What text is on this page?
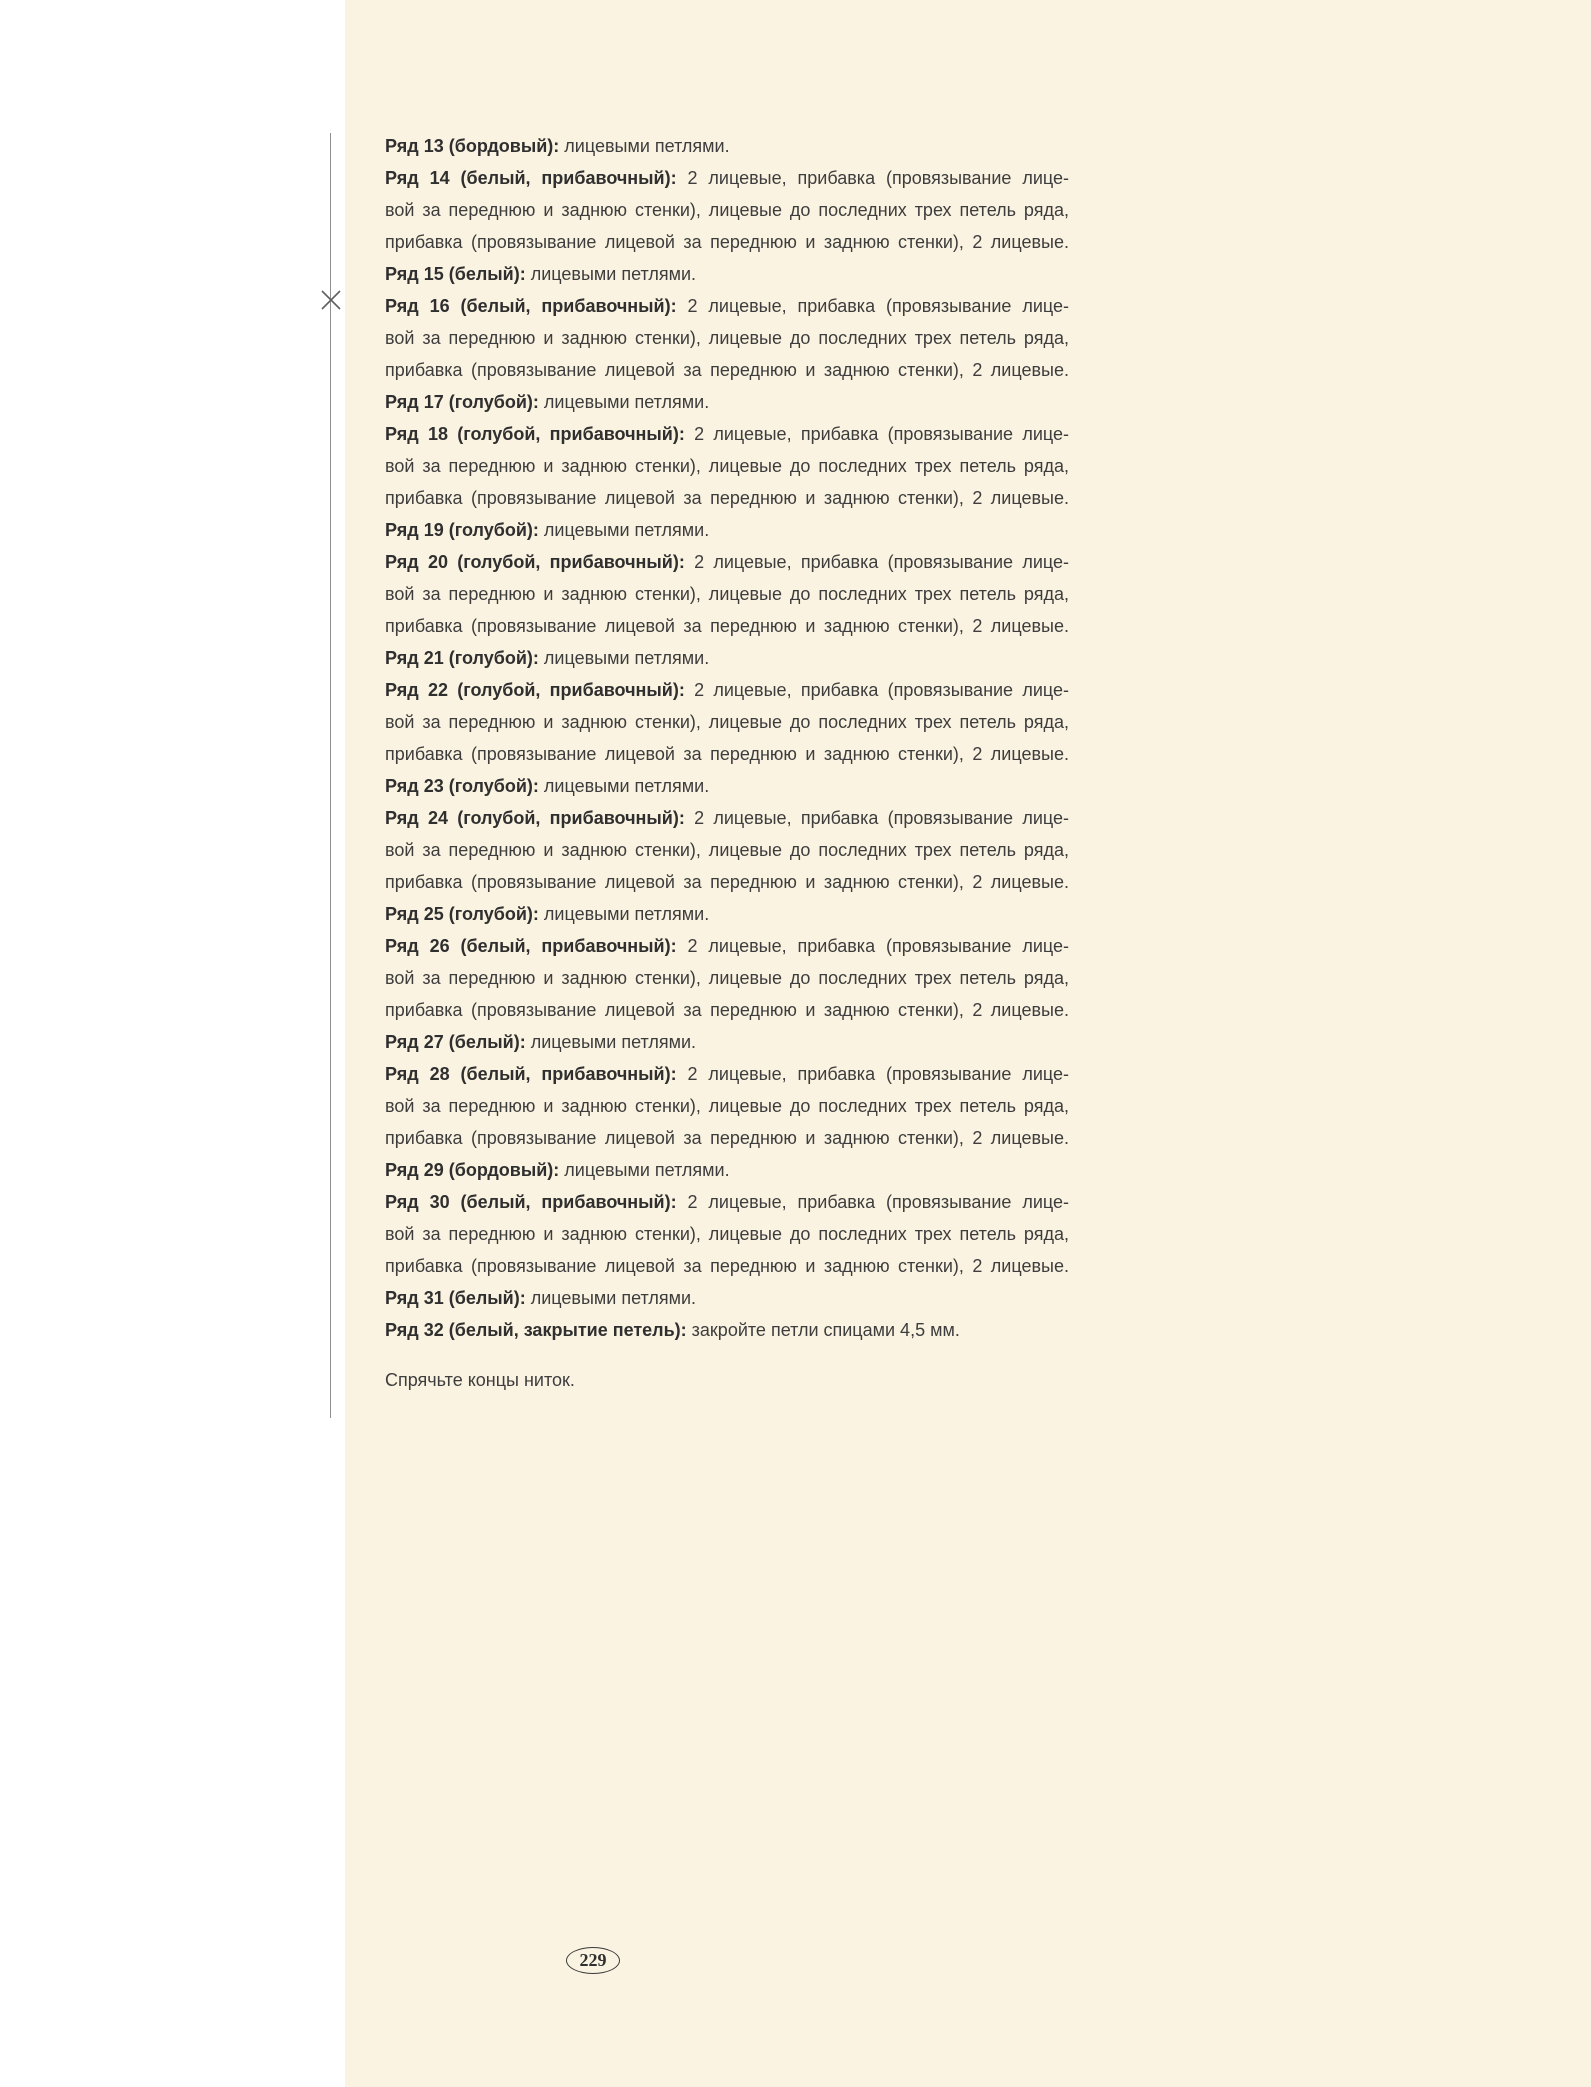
Ряд 13 (бордовый): лицевыми петлями.
Ряд 14 (белый, прибавочный): 2 лицевые, прибавка (провязывание лице-
вой за переднюю и заднюю стенки), лицевые до последних трех петель ряда,
прибавка (провязывание лицевой за переднюю и заднюю стенки), 2 лицевые.
Ряд 15 (белый): лицевыми петлями.
Ряд 16 (белый, прибавочный): 2 лицевые, прибавка (провязывание лице-
вой за переднюю и заднюю стенки), лицевые до последних трех петель ряда,
прибавка (провязывание лицевой за переднюю и заднюю стенки), 2 лицевые.
Ряд 17 (голубой): лицевыми петлями.
Ряд 18 (голубой, прибавочный): 2 лицевые, прибавка (провязывание лице-
вой за переднюю и заднюю стенки), лицевые до последних трех петель ряда,
прибавка (провязывание лицевой за переднюю и заднюю стенки), 2 лицевые.
Ряд 19 (голубой): лицевыми петлями.
Ряд 20 (голубой, прибавочный): 2 лицевые, прибавка (провязывание лице-
вой за переднюю и заднюю стенки), лицевые до последних трех петель ряда,
прибавка (провязывание лицевой за переднюю и заднюю стенки), 2 лицевые.
Ряд 21 (голубой): лицевыми петлями.
Ряд 22 (голубой, прибавочный): 2 лицевые, прибавка (провязывание лице-
вой за переднюю и заднюю стенки), лицевые до последних трех петель ряда,
прибавка (провязывание лицевой за переднюю и заднюю стенки), 2 лицевые.
Ряд 23 (голубой): лицевыми петлями.
Ряд 24 (голубой, прибавочный): 2 лицевые, прибавка (провязывание лице-
вой за переднюю и заднюю стенки), лицевые до последних трех петель ряда,
прибавка (провязывание лицевой за переднюю и заднюю стенки), 2 лицевые.
Ряд 25 (голубой): лицевыми петлями.
Ряд 26 (белый, прибавочный): 2 лицевые, прибавка (провязывание лице-
вой за переднюю и заднюю стенки), лицевые до последних трех петель ряда,
прибавка (провязывание лицевой за переднюю и заднюю стенки), 2 лицевые.
Ряд 27 (белый): лицевыми петлями.
Ряд 28 (белый, прибавочный): 2 лицевые, прибавка (провязывание лице-
вой за переднюю и заднюю стенки), лицевые до последних трех петель ряда,
прибавка (провязывание лицевой за переднюю и заднюю стенки), 2 лицевые.
Ряд 29 (бордовый): лицевыми петлями.
Ряд 30 (белый, прибавочный): 2 лицевые, прибавка (провязывание лице-
вой за переднюю и заднюю стенки), лицевые до последних трех петель ряда,
прибавка (провязывание лицевой за переднюю и заднюю стенки), 2 лицевые.
Ряд 31 (белый): лицевыми петлями.
Ряд 32 (белый, закрытие петель): закройте петли спицами 4,5 мм.

Спрячьте концы ниток.

229
